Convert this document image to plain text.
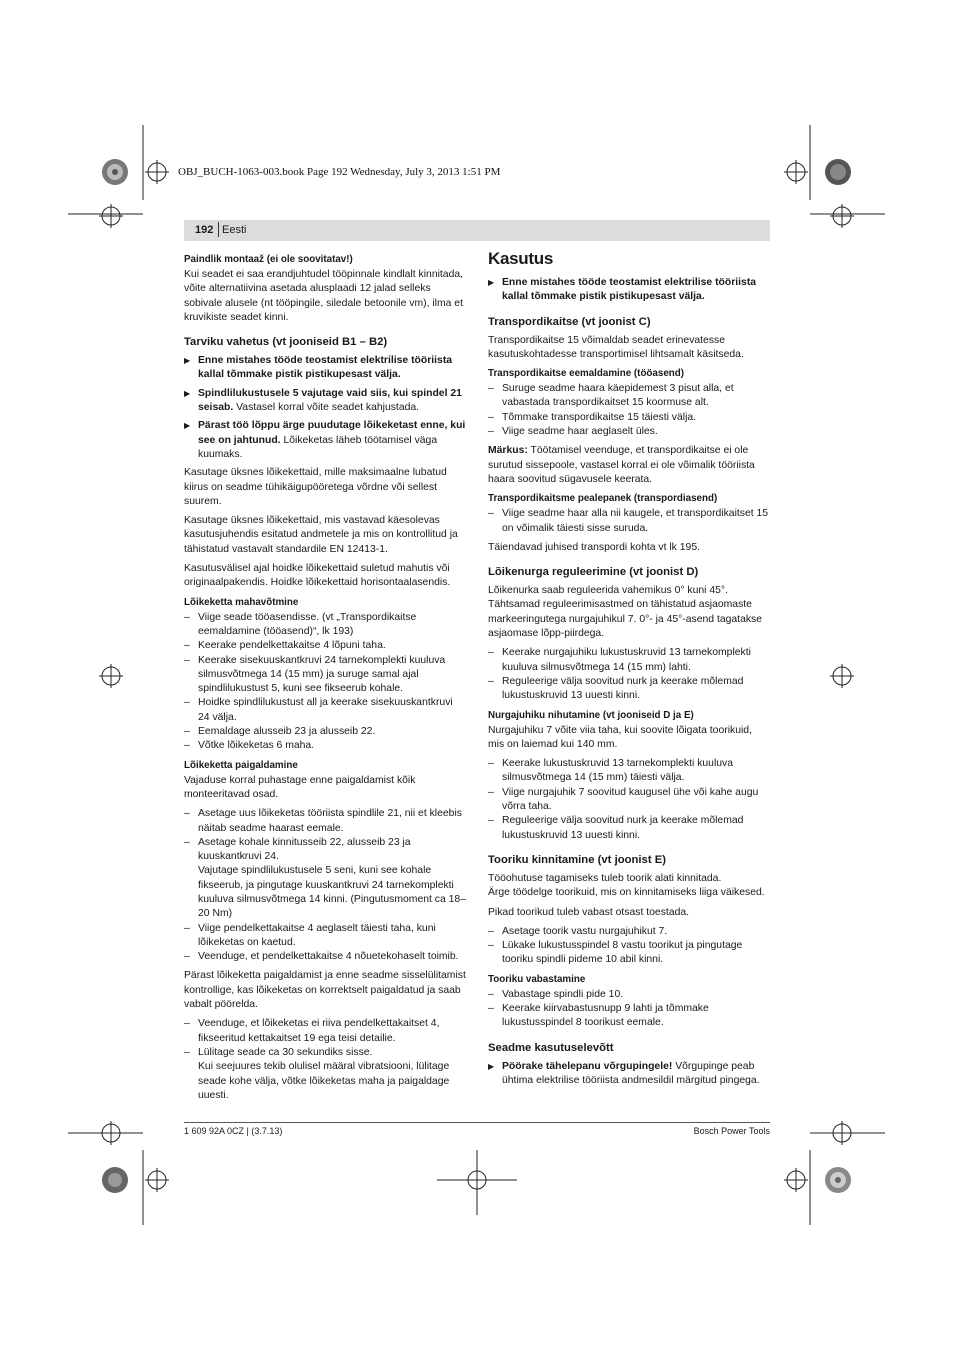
OBJ_BUCH-1063-003.book Page 192 Wednesday, July 3, 2013 1:51 PM
192 Eesti
Paindlik montaaž (ei ole soovitatav!)

Kui seadet ei saa erandjuhtudel tööpinnale kindlalt kinnitada, võite alternatiivina asetada alusplaadi 12 jalad selleks sobivale alusele (nt tööpingile, siledale betoonile vm), ilma et kruvikiste seadet kinni.

Tarviku vahetus (vt jooniseid B1 – B2)
▶ Enne mistahes tööde teostamist elektrilise tööriista kallal tõmmake pistik pistikupesast välja.
▶ Spindlilukustusele 5 vajutage vaid siis, kui spindel 21 seisab. Vastasel korral võite seadet kahjustada.
▶ Pärast töö lõppu ärge puudutage lõikeketast enne, kui see on jahtunud. Lõikeketas läheb töötamisel väga kuumaks.

Kasutage üksnes lõikekettaid, mille maksimaalne lubatud kiirus on seadme tühikäigupööretega võrdne või sellest suurem.

Kasutage üksnes lõikekettaid, mis vastavad käesolevas kasutusjuhendis esitatud andmetele ja mis on kontrollitud ja tähistatud vastavalt standardile EN 12413-1.

Kasutusvälisel ajal hoidke lõikekettaid suletud mahutis või originaalpakendis. Hoidke lõikekettaid horisontaalasendis.

Lõikeketta mahavõtmine
– Viige seade tööasendisse. (vt „Transpordikaitse eemaldamine (tööasend)“, lk 193)
– Keerake pendelkettakaitse 4 lõpuni taha.
– Keerake sisekuuskantkruvi 24 tarnekomplekti kuuluva silmusvõtmega 14 (15 mm) ja suruge samal ajal spindlilukustust 5, kuni see fikseerub kohale.
– Hoidke spindlilukustust all ja keerake sisekuuskantkruvi 24 välja.
– Eemaldage alusseib 23 ja alusseib 22.
– Võtke lõikeketas 6 maha.
Lõikeketta paigaldamine

Vajaduse korral puhastage enne paigaldamist kõik monteeritavad osad.

– Asetage uus lõikeketas tööriista spindlile 21, nii et kleebis näitab seadme haarast eemale.
– Asetage kohale kinnitusseib 22, alusseib 23 ja kuuskantkruvi 24.
Vajutage spindlilukustusele 5 seni, kuni see kohale fikseerub, ja pingutage kuuskantkruvi 24 tarnekomplekti kuuluva silmusvõtmega 14 kinni. (Pingutusmoment ca 18–20 Nm)
– Viige pendelkettakaitse 4 aeglaselt täiesti taha, kuni lõikeketas on kaetud.
– Veenduge, et pendelkettakaitse 4 nõuetekohaselt toimib.

Pärast lõikeketta paigaldamist ja enne seadme sisselülitamist kontrollige, kas lõikeketas on korrektselt paigaldatud ja saab vabalt pöörelda.

– Veenduge, et lõikeketas ei riiva pendelkettakaitset 4, fikseeritud kettakaitset 19 ega teisi detailie.
– Lülitage seade ca 30 sekundiks sisse.
Kui seejuures tekib olulisel määral vibratsiooni, lülitage seade kohe välja, võtke lõikeketas maha ja paigaldage uuesti.
Kasutus
▶ Enne mistahes tööde teostamist elektrilise tööriista kallal tõmmake pistik pistikupesast välja.
Transpordikaitse (vt joonist C)

Transpordikaitse 15 võimaldab seadet erinevatesse kasutuskohtadesse transportimisel lihtsamalt käsitseda.

Transpordikaitse eemaldamine (tööasend)
– Suruge seadme haara käepidemest 3 pisut alla, et vabastada transpordikaitset 15 koormuse alt.
– Tõmmake transpordikaitse 15 täiesti välja.
– Viige seadme haar aeglaselt üles.

Märkus: Töötamisel veenduge, et transpordikaitse ei ole surutud sissepoole, vastasel korral ei ole võimalik tööriista haara soovitud sügavusele keerata.

Transpordikaitsme pealepanek (transpordiasend)
– Viige seadme haar alla nii kaugele, et transpordikaitset 15 on võimalik täiesti sisse suruda.

Täiendavad juhised transpordi kohta vt lk 195.

Lõikenurga reguleerimine (vt joonist D)

Lõikenurka saab reguleerida vahemikus 0° kuni 45°.
Tähtsamad reguleerimisastmed on tähistatud asjaomaste markeeringutega nurgajuhikul 7. 0°- ja 45°-asend tagatakse asjaomase lõpp-piirdega.

– Keerake nurgajuhiku lukustuskruvid 13 tarnekomplekti kuuluva silmusvõtmega 14 (15 mm) lahti.
– Reguleerige välja soovitud nurk ja keerake mõlemad lukustuskruvid 13 uuesti kinni.
Nurgajuhiku nihutamine (vt jooniseid D ja E)

Nurgajuhiku 7 võite viia taha, kui soovite lõigata toorikuid, mis on laiemad kui 140 mm.

– Keerake lukustuskruvid 13 tarnekomplekti kuuluva silmusvõtmega 14 (15 mm) täiesti välja.
– Viige nurgajuhik 7 soovitud kaugusel ühe või kahe augu võrra taha.
– Reguleerige välja soovitud nurk ja keerake mõlemad lukustuskruvid 13 uuesti kinni.
Tooriku kinnitamine (vt joonist E)

Tööohutuse tagamiseks tuleb toorik alati kinnitada.
Ärge töödelge toorikuid, mis on kinnitamiseks liiga väikesed.

Pikad toorikud tuleb vabast otsast toestada.

– Asetage toorik vastu nurgajuhikut 7.
– Lükake lukustusspindel 8 vastu toorikut ja pingutage tooriku spindli pideme 10 abil kinni.
Tooriku vabastamine
– Vabastage spindli pide 10.
– Keerake kiirvabastusnupp 9 lahti ja tõmmake lukustusspindel 8 toorikust eemale.
Seadme kasutuselevõtt
▶ Pöörake tähelepanu võrgupingele! Võrgupinge peab ühtima elektrilise tööriista andmesildil märgitud pingega.
1 609 92A 0CZ | (3.7.13)	Bosch Power Tools
